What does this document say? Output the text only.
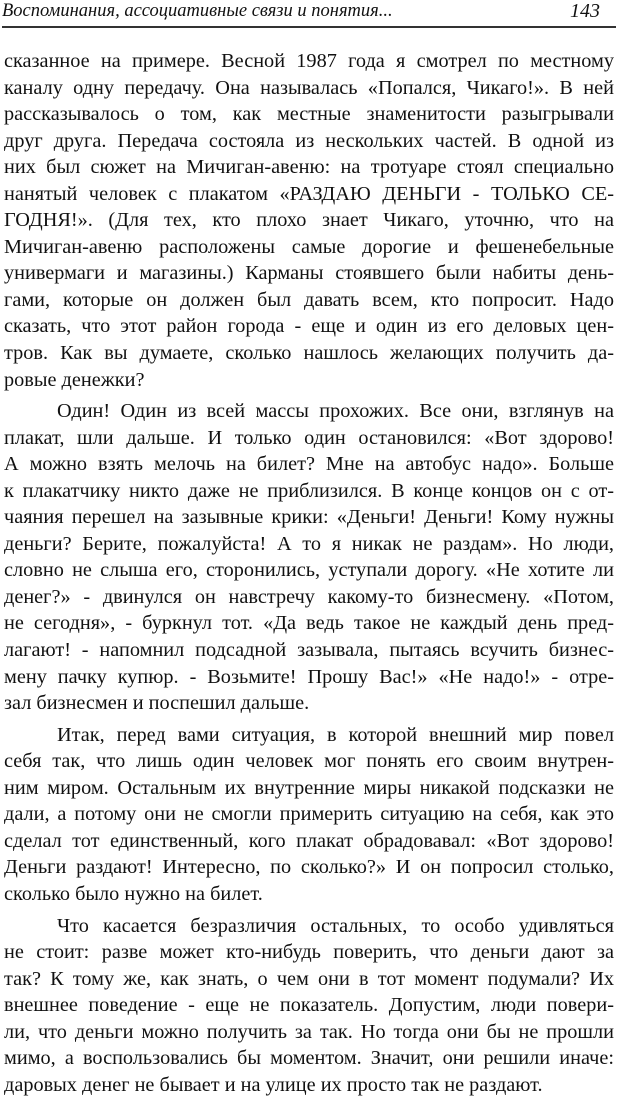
Воспоминания, ассоциативные связи и понятия...	143
сказанное на примере. Весной 1987 года я смотрел по местному
каналу одну передачу. Она называлась «Попался, Чикаго!». В ней
рассказывалось о том, как местные знаменитости разыгрывали
друг друга. Передача состояла из нескольких частей. В одной из
них был сюжет на Мичиган-авеню: на тротуаре стоял специально
нанятый человек с плакатом «РАЗДАЮ ДЕНЬГИ - ТОЛЬКО СЕ-
ГОДНЯ!». (Для тех, кто плохо знает Чикаго, уточню, что на
Мичиган-авеню расположены самые дорогие и фешенебельные
универмаги и магазины.) Карманы стоявшего были набиты день-
гами, которые он должен был давать всем, кто попросит. Надо
сказать, что этот район города - еще и один из его деловых цен-
тров. Как вы думаете, сколько нашлось желающих получить да-
ровые денежки?
Один! Один из всей массы прохожих. Все они, взглянув на
плакат, шли дальше. И только один остановился: «Вот здорово!
А можно взять мелочь на билет? Мне на автобус надо». Больше
к плакатчику никто даже не приблизился. В конце концов он с от-
чаяния перешел на зазывные крики: «Деньги! Деньги! Кому нужны
деньги? Берите, пожалуйста! А то я никак не раздам». Но люди,
словно не слыша его, сторонились, уступали дорогу. «Не хотите ли
денег?» - двинулся он навстречу какому-то бизнесмену. «Потом,
не сегодня», - буркнул тот. «Да ведь такое не каждый день пред-
лагают! - напомнил подсадной зазывала, пытаясь всучить бизнес-
мену пачку купюр. - Возьмите! Прошу Вас!» «Не надо!» - отре-
зал бизнесмен и поспешил дальше.
Итак, перед вами ситуация, в которой внешний мир повел
себя так, что лишь один человек мог понять его своим внутрен-
ним миром. Остальным их внутренние миры никакой подсказки не
дали, а потому они не смогли примерить ситуацию на себя, как это
сделал тот единственный, кого плакат обрадовавал: «Вот здорово!
Деньги раздают! Интересно, по сколько?» И он попросил столько,
сколько было нужно на билет.
Что касается безразличия остальных, то особо удивляться
не стоит: разве может кто-нибудь поверить, что деньги дают за
так? К тому же, как знать, о чем они в тот момент подумали? Их
внешнее поведение - еще не показатель. Допустим, люди повери-
ли, что деньги можно получить за так. Но тогда они бы не прошли
мимо, а воспользовались бы моментом. Значит, они решили иначе:
даровых денег не бывает и на улице их просто так не раздают.
